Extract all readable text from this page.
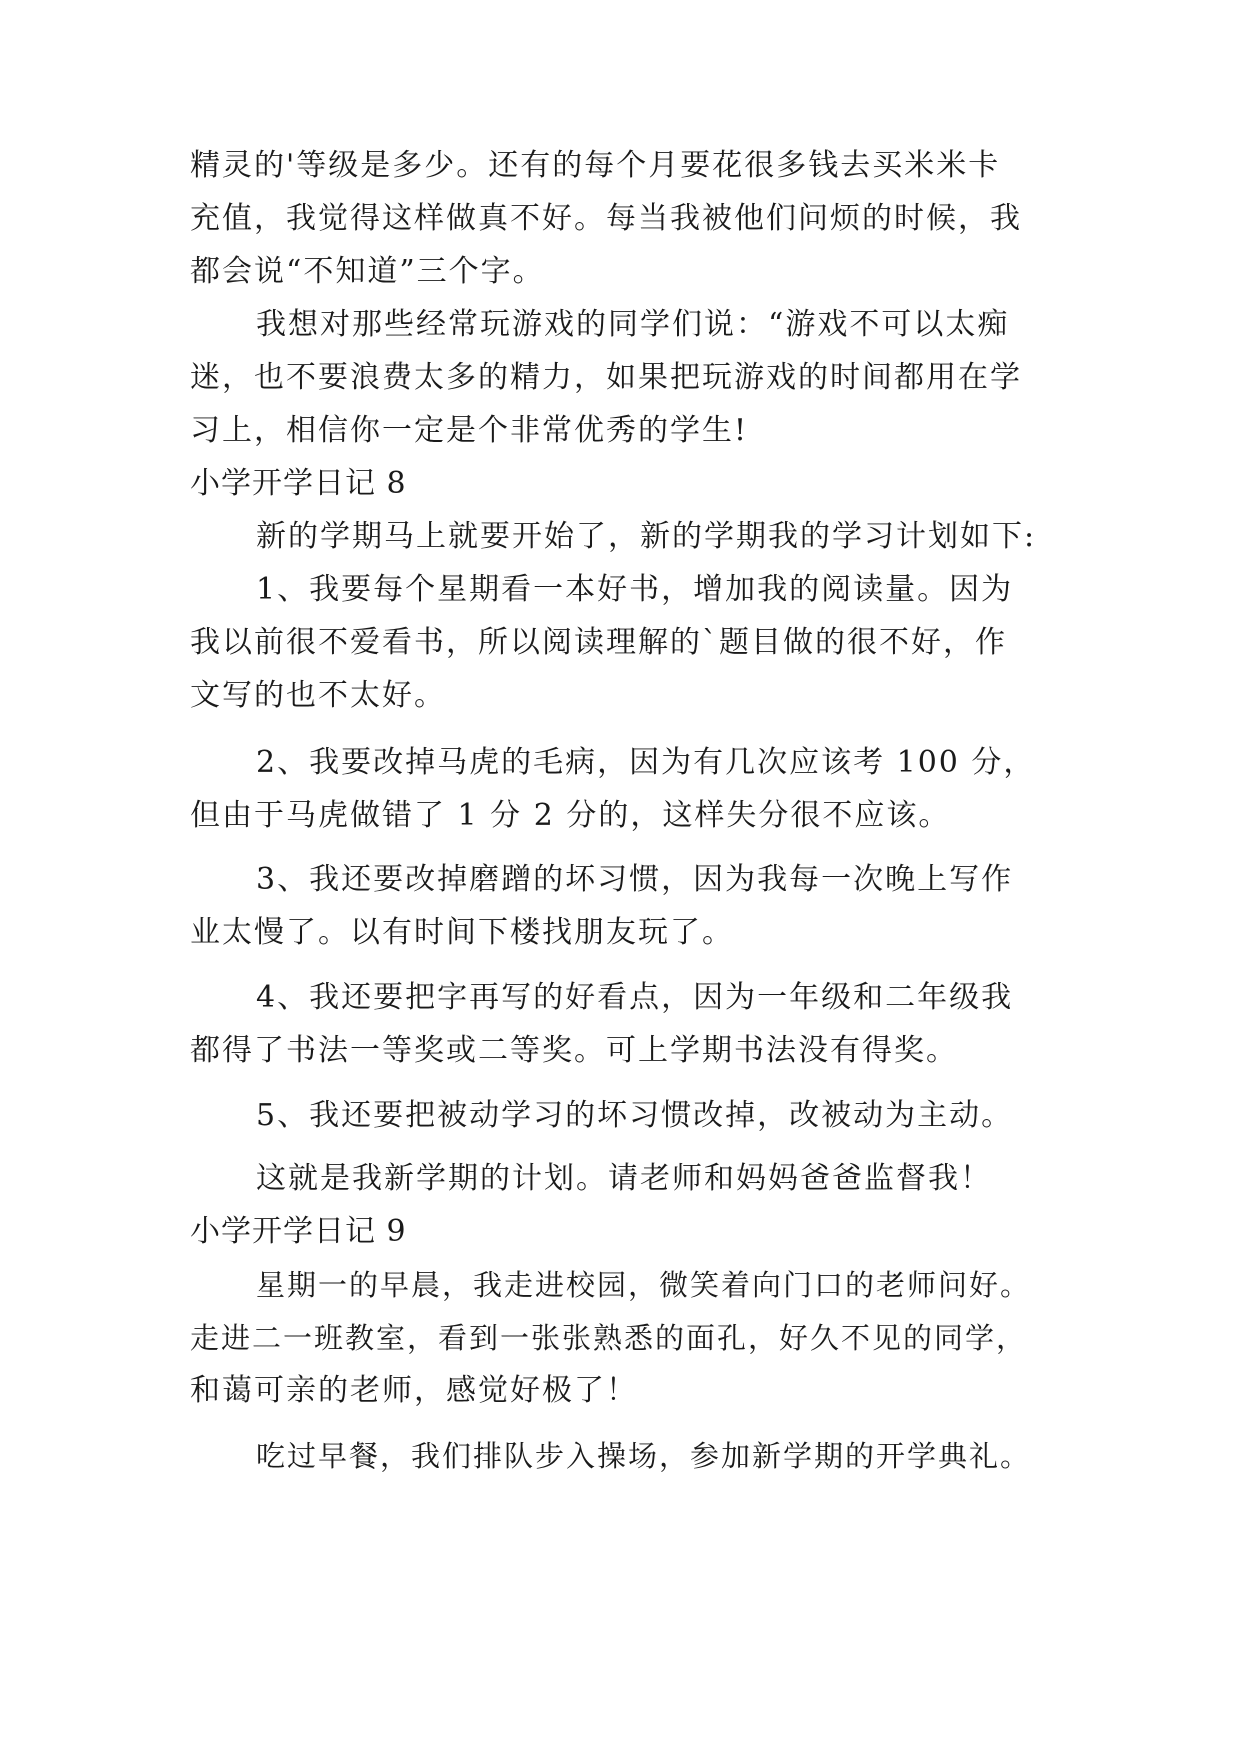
精灵的'等级是多少。还有的每个月要花很多钱去买米米卡
充值，我觉得这样做真不好。每当我被他们问烦的时候，我
都会说“不知道”三个字。
我想对那些经常玩游戏的同学们说：“游戏不可以太痴
迷，也不要浪费太多的精力，如果把玩游戏的时间都用在学
习上，相信你一定是个非常优秀的学生!
小学开学日记 8
新的学期马上就要开始了，新的学期我的学习计划如下:
1、我要每个星期看一本好书，增加我的阅读量。因为
我以前很不爱看书，所以阅读理解的`题目做的很不好，作
文写的也不太好。
2、我要改掉马虎的毛病，因为有几次应该考 100 分，
但由于马虎做错了 1 分 2 分的，这样失分很不应该。
3、我还要改掉磨蹭的坏习惯，因为我每一次晚上写作
业太慢了。以有时间下楼找朋友玩了。
4、我还要把字再写的好看点，因为一年级和二年级我
都得了书法一等奖或二等奖。可上学期书法没有得奖。
5、我还要把被动学习的坏习惯改掉，改被动为主动。
这就是我新学期的计划。请老师和妈妈爸爸监督我！
小学开学日记 9
星期一的早晨，我走进校园，微笑着向门口的老师问好。
走进二一班教室，看到一张张熟悉的面孔，好久不见的同学，
和蔼可亲的老师，感觉好极了！
吃过早餐，我们排队步入操场，参加新学期的开学典礼。
